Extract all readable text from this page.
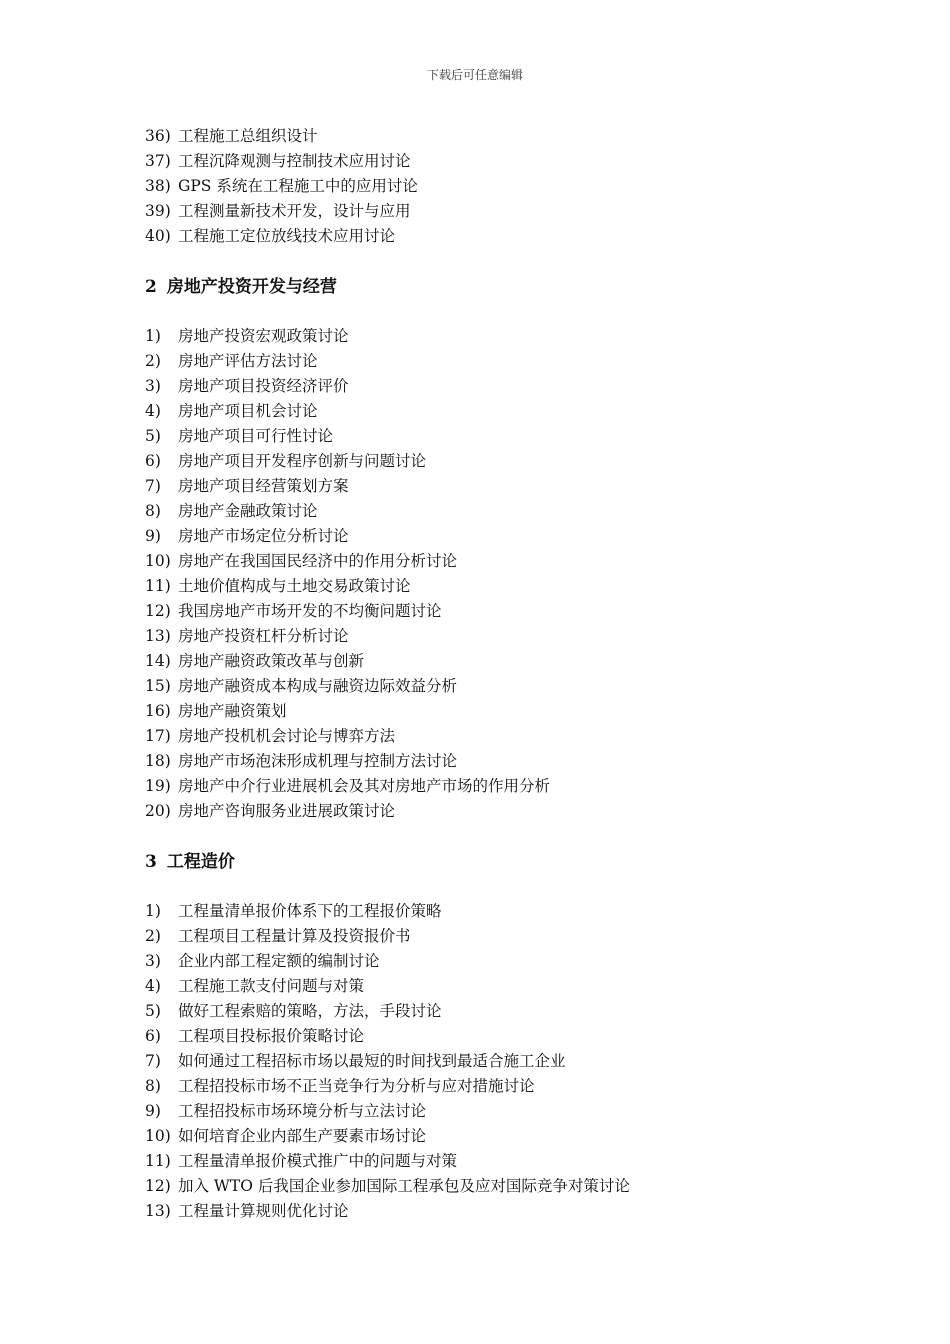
下载后可任意编辑
36) 工程施工总组织设计
37) 工程沉降观测与控制技术应用讨论
38) GPS 系统在工程施工中的应用讨论
39) 工程测量新技术开发，设计与应用
40) 工程施工定位放线技术应用讨论
2 房地产投资开发与经营
1)	房地产投资宏观政策讨论
2)	房地产评估方法讨论
3)	房地产项目投资经济评价
4)	房地产项目机会讨论
5)	房地产项目可行性讨论
6)	房地产项目开发程序创新与问题讨论
7)	房地产项目经营策划方案
8)	房地产金融政策讨论
9)	房地产市场定位分析讨论
10) 房地产在我国国民经济中的作用分析讨论
11) 土地价值构成与土地交易政策讨论
12) 我国房地产市场开发的不均衡问题讨论
13) 房地产投资杠杆分析讨论
14) 房地产融资政策改革与创新
15) 房地产融资成本构成与融资边际效益分析
16) 房地产融资策划
17) 房地产投机机会讨论与博弈方法
18) 房地产市场泡沫形成机理与控制方法讨论
19) 房地产中介行业进展机会及其对房地产市场的作用分析
20) 房地产咨询服务业进展政策讨论
3 工程造价
1)	工程量清单报价体系下的工程报价策略
2)	工程项目工程量计算及投资报价书
3)	企业内部工程定额的编制讨论
4)	工程施工款支付问题与对策
5)	做好工程索赔的策略，方法，手段讨论
6)	工程项目投标报价策略讨论
7)	如何通过工程招标市场以最短的时间找到最适合施工企业
8)	工程招投标市场不正当竞争行为分析与应对措施讨论
9)	工程招投标市场环境分析与立法讨论
10) 如何培育企业内部生产要素市场讨论
11) 工程量清单报价模式推广中的问题与对策
12) 加入 WTO 后我国企业参加国际工程承包及应对国际竞争对策讨论
13) 工程量计算规则优化讨论
